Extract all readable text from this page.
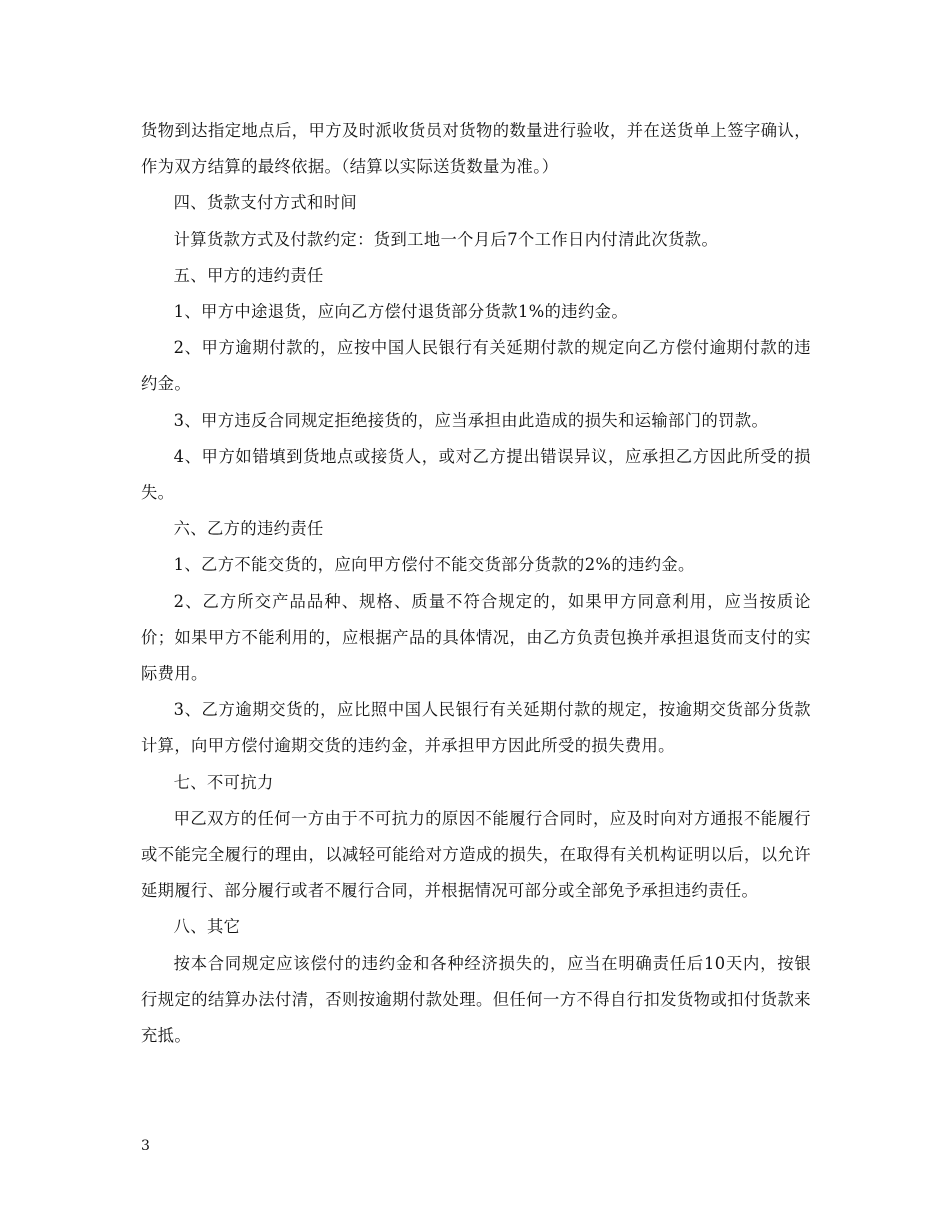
货物到达指定地点后，甲方及时派收货员对货物的数量进行验收，并在送货单上签字确认，作为双方结算的最终依据。（结算以实际送货数量为准。）

四、货款支付方式和时间

计算货款方式及付款约定：货到工地一个月后7个工作日内付清此次货款。

五、甲方的违约责任

1、甲方中途退货，应向乙方偿付退货部分货款1%的违约金。

2、甲方逾期付款的，应按中国人民银行有关延期付款的规定向乙方偿付逾期付款的违约金。

3、甲方违反合同规定拒绝接货的，应当承担由此造成的损失和运输部门的罚款。

4、甲方如错填到货地点或接货人，或对乙方提出错误异议，应承担乙方因此所受的损失。

六、乙方的违约责任

1、乙方不能交货的，应向甲方偿付不能交货部分货款的2%的违约金。

2、乙方所交产品品种、规格、质量不符合规定的，如果甲方同意利用，应当按质论价；如果甲方不能利用的，应根据产品的具体情况，由乙方负责包换并承担退货而支付的实际费用。

3、乙方逾期交货的，应比照中国人民银行有关延期付款的规定，按逾期交货部分货款计算，向甲方偿付逾期交货的违约金，并承担甲方因此所受的损失费用。

七、不可抗力

甲乙双方的任何一方由于不可抗力的原因不能履行合同时，应及时向对方通报不能履行或不能完全履行的理由，以减轻可能给对方造成的损失，在取得有关机构证明以后，以允许延期履行、部分履行或者不履行合同，并根据情况可部分或全部免予承担违约责任。

八、其它

按本合同规定应该偿付的违约金和各种经济损失的，应当在明确责任后10天内，按银行规定的结算办法付清，否则按逾期付款处理。但任何一方不得自行扣发货物或扣付货款来充抵。

3
